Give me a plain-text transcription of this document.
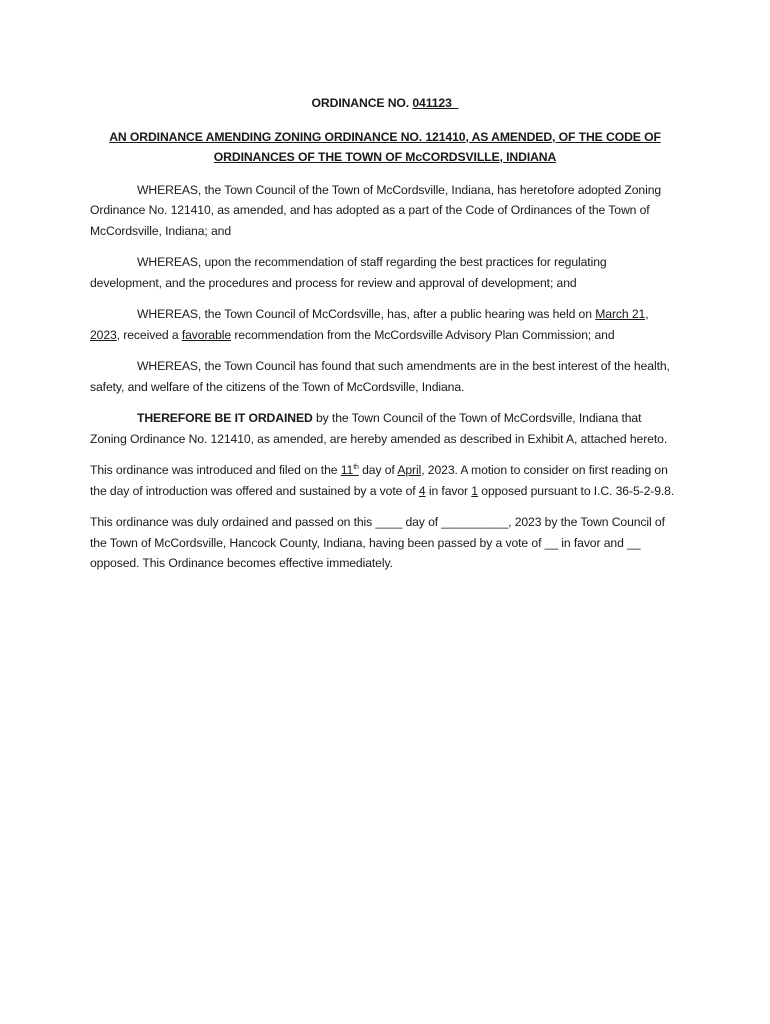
ORDINANCE NO. 041123_
AN ORDINANCE AMENDING ZONING ORDINANCE NO. 121410, AS AMENDED, OF THE CODE OF ORDINANCES OF THE TOWN OF McCORDSVILLE, INDIANA

WHEREAS, the Town Council of the Town of McCordsville, Indiana, has heretofore adopted Zoning Ordinance No. 121410, as amended, and has adopted as a part of the Code of Ordinances of the Town of McCordsville, Indiana; and

WHEREAS, upon the recommendation of staff regarding the best practices for regulating development, and the procedures and process for review and approval of development; and

WHEREAS, the Town Council of McCordsville, has, after a public hearing was held on March 21, 2023, received a favorable recommendation from the McCordsville Advisory Plan Commission; and

WHEREAS, the Town Council has found that such amendments are in the best interest of the health, safety, and welfare of the citizens of the Town of McCordsville, Indiana.

THEREFORE BE IT ORDAINED by the Town Council of the Town of McCordsville, Indiana that Zoning Ordinance No. 121410, as amended, are hereby amended as described in Exhibit A, attached hereto.

This ordinance was introduced and filed on the 11th day of April, 2023. A motion to consider on first reading on the day of introduction was offered and sustained by a vote of 4 in favor 1 opposed pursuant to I.C. 36-5-2-9.8.

This ordinance was duly ordained and passed on this ____ day of __________, 2023 by the Town Council of the Town of McCordsville, Hancock County, Indiana, having been passed by a vote of __ in favor and __ opposed. This Ordinance becomes effective immediately.
